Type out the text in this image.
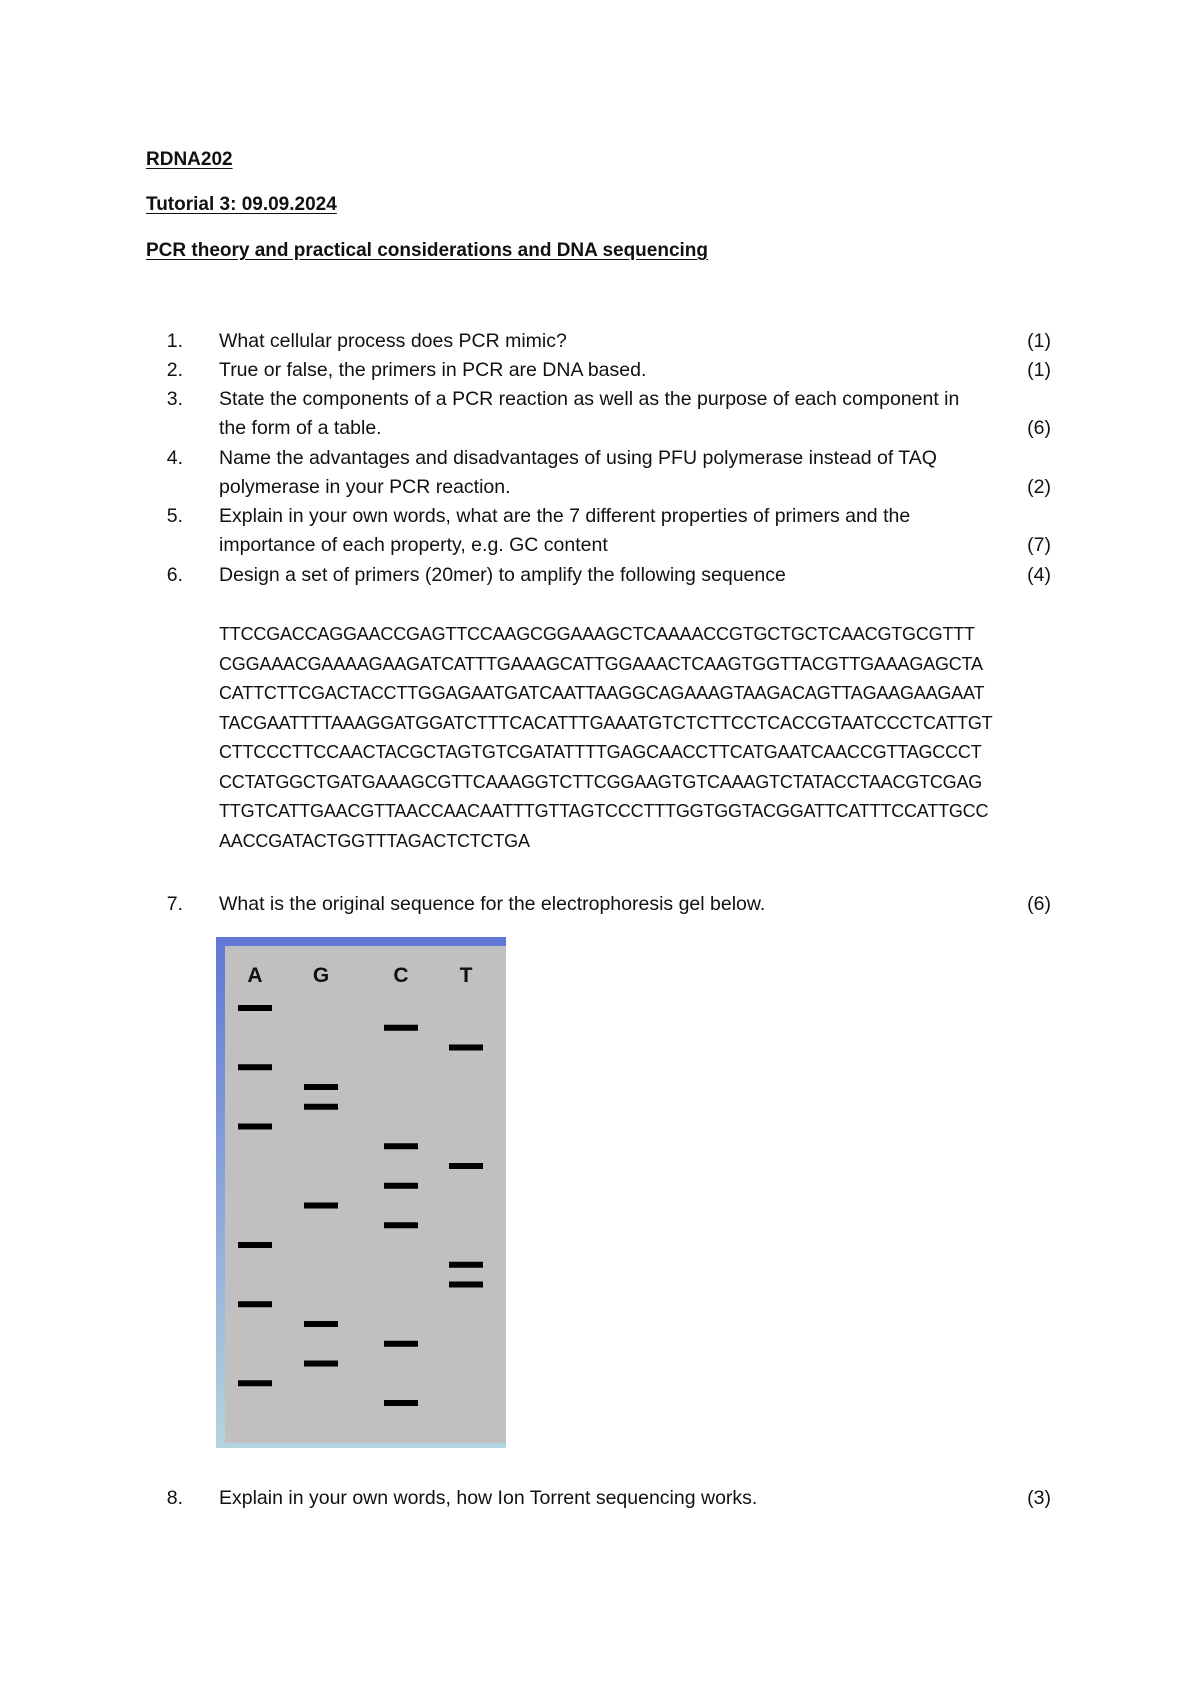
RDNA202
Tutorial 3: 09.09.2024
PCR theory and practical considerations and DNA sequencing
1. What cellular process does PCR mimic?	(1)
2. True or false, the primers in PCR are DNA based.	(1)
3. State the components of a PCR reaction as well as the purpose of each component in
the form of a table.	(6)
4. Name the advantages and disadvantages of using PFU polymerase instead of TAQ
polymerase in your PCR reaction.	(2)
5. Explain in your own words, what are the 7 different properties of primers and the
importance of each property, e.g. GC content	(7)
6. Design a set of primers (20mer) to amplify the following sequence	(4)
TTCCGACCAGGAACCGAGTTCCAAGCGGAAAGCTCAAAACCGTGCTGCTCAACGTGCGTTT
CGGAAACGAAAAGAAGATCATTTGAAAGCATTGGAAACTCAAGTGGTTACGTTGAAAGAGCTA
CATTCTTCGACTACCTTGGAGAATGATCAATTAAGGCAGAAAGTAAGACAGTTAGAAGAAGAAT
TACGAATTTTAAAGGATGGATCTTTCACATTTGAAATGTCTCTTCCTCACCGTAATCCCTCATTGT
CTTCCCTTCCAACTACGCTAGTGTCGATATTTTGAGCAACCTTCATGAATCAACCGTTAGCCCT
CCTATGGCTGATGAAAGCGTTCAAAGGTCTTCGGAAGTGTCAAAGTCTATACCTAACGTCGAG
TTGTCATTGAACGTTAACCAACAATTTGTTAGTCCCTTTGGTGGTACGGATTCATTTCCATTGCC
AACCGATACTGGTTTAGACTCTCTGA
7. What is the original sequence for the electrophoresis gel below.	(6)
A G	C T
8. Explain in your own words, how Ion Torrent sequencing works.	(3)
